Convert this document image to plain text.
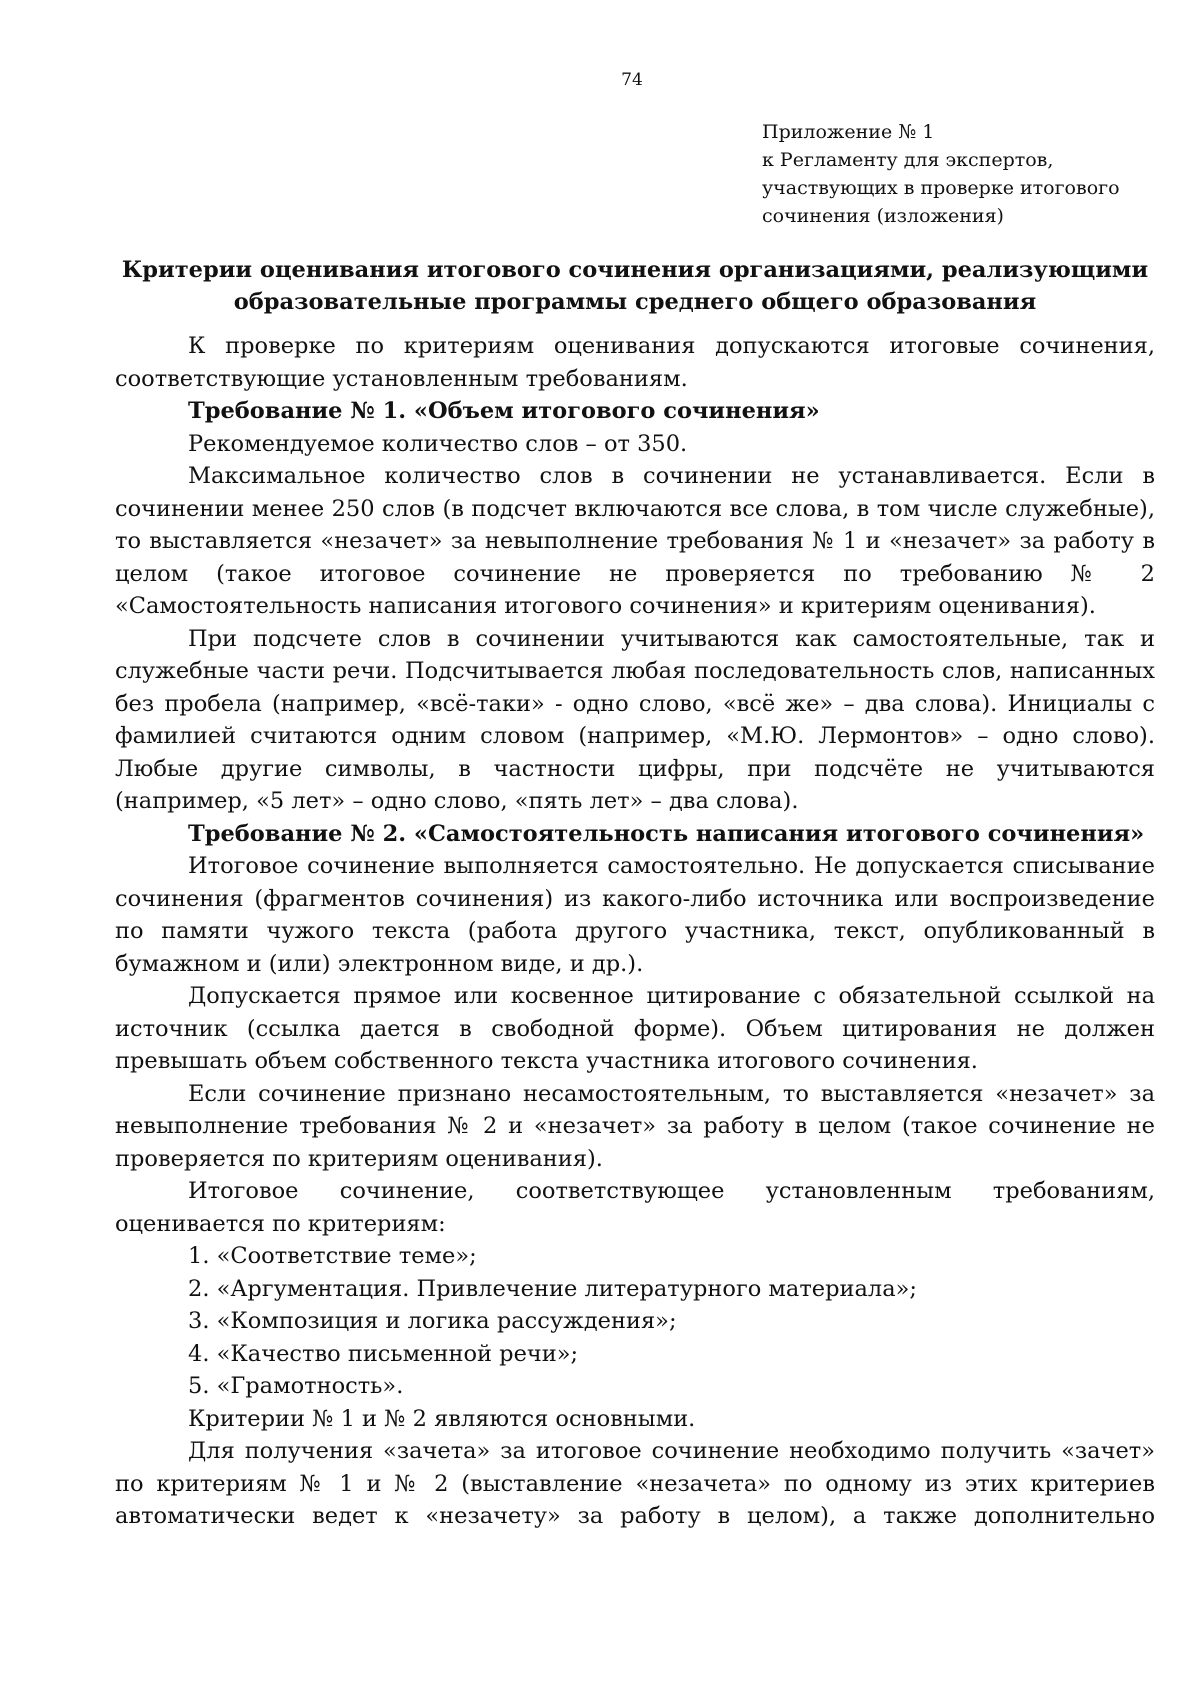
74
Приложение № 1
к Регламенту для экспертов,
участвующих в проверке итогового
сочинения (изложения)
Критерии оценивания итогового сочинения организациями, реализующими
образовательные программы среднего общего образования

К проверке по критериям оценивания допускаются итоговые сочинения, соответствующие установленным требованиям.

Требование № 1. «Объем итогового сочинения»

Рекомендуемое количество слов – от 350.

Максимальное количество слов в сочинении не устанавливается. Если в сочинении менее 250 слов (в подсчет включаются все слова, в том числе служебные), то выставляется «незачет» за невыполнение требования № 1 и «незачет» за работу в целом (такое итоговое сочинение не проверяется по требованию № 2 «Самостоятельность написания итогового сочинения» и критериям оценивания).

При подсчете слов в сочинении учитываются как самостоятельные, так и служебные части речи. Подсчитывается любая последовательность слов, написанных без пробела (например, «всё-таки» - одно слово, «всё же» – два слова). Инициалы с фамилией считаются одним словом (например, «М.Ю. Лермонтов» – одно слово). Любые другие символы, в частности цифры, при подсчёте не учитываются (например, «5 лет» – одно слово, «пять лет» – два слова).

Требование № 2. «Самостоятельность написания итогового сочинения»

Итоговое сочинение выполняется самостоятельно. Не допускается списывание сочинения (фрагментов сочинения) из какого-либо источника или воспроизведение по памяти чужого текста (работа другого участника, текст, опубликованный в бумажном и (или) электронном виде, и др.).

Допускается прямое или косвенное цитирование с обязательной ссылкой на источник (ссылка дается в свободной форме). Объем цитирования не должен превышать объем собственного текста участника итогового сочинения.

Если сочинение признано несамостоятельным, то выставляется «незачет» за невыполнение требования № 2 и «незачет» за работу в целом (такое сочинение не проверяется по критериям оценивания).

Итоговое сочинение, соответствующее установленным требованиям, оценивается по критериям:

1. «Соответствие теме»;

2. «Аргументация. Привлечение литературного материала»;

3. «Композиция и логика рассуждения»;

4. «Качество письменной речи»;

5. «Грамотность».

Критерии № 1 и № 2 являются основными.

Для получения «зачета» за итоговое сочинение необходимо получить «зачет» по критериям № 1 и № 2 (выставление «незачета» по одному из этих критериев автоматически ведет к «незачету» за работу в целом), а также дополнительно
